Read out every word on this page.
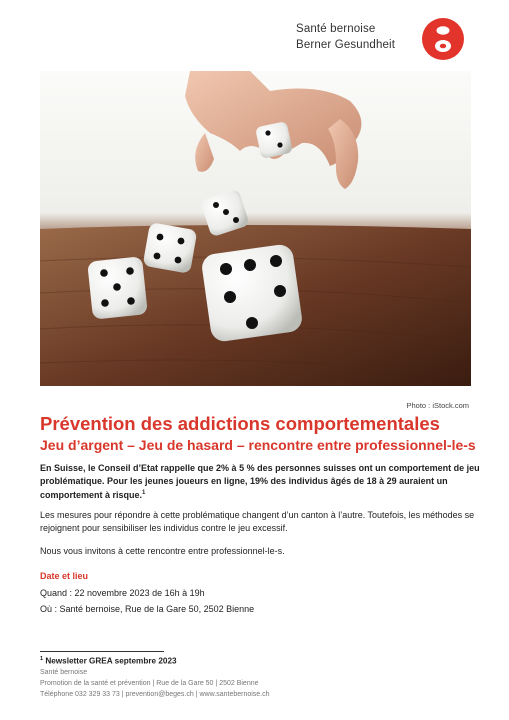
Santé bernoise
Berner Gesundheit
Photo : iStock.com
Prévention des addictions comportementales
Jeu d’argent – Jeu de hasard – rencontre entre professionnel-le-s
En Suisse, le Conseil d’Etat rappelle que 2% à 5 % des personnes suisses ont un comportement de jeu problématique. Pour les jeunes joueurs en ligne, 19% des individus âgés de 18 à 29 auraient un comportement à risque.$^1$
Les mesures pour répondre à cette problématique changent d’un canton à l’autre. Toutefois, les méthodes se rejoignent pour sensibiliser les individus contre le jeu excessif.
Nous vous invitons à cette rencontre entre professionnel-le-s.
Date et lieu
Quand : 22 novembre 2023 de 16h à 19h
Où : Santé bernoise, Rue de la Gare 50, 2502 Bienne
$^1$ Newsletter GREA septembre 2023
Santé bernoise
Promotion de la santé et prévention | Rue de la Gare 50 | 2502 Bienne
Téléphone 032 329 33 73 | prevention@beges.ch | www.santebernoise.ch
